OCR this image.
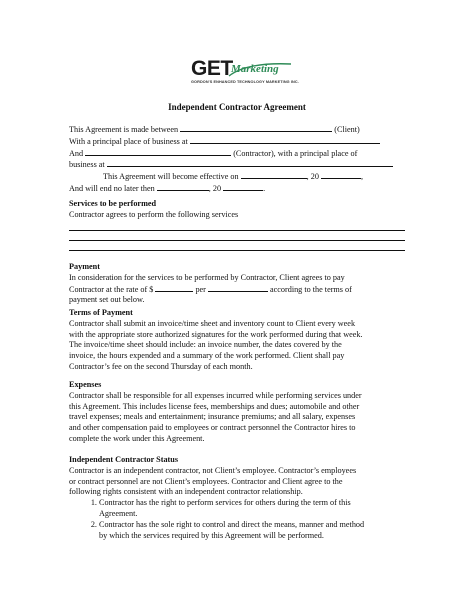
GET
Marketing
GORDON'S ENHANCED TECHNOLOGY MARKETING INC.
Independent Contractor Agreement
This Agreement is made between	(Client)
With a principal place of business at
And	(Contractor), with a principal place of
business at
This Agreement will become effective on	, 20	,
And will end no later then	, 20	.
Services to be performed
Contractor agrees to perform the following services
Payment
In consideration for the services to be performed by Contractor, Client agrees to pay
Contractor at the rate of $	per	according to the terms of
payment set out below.
Terms of Payment
Contractor shall submit an invoice/time sheet and inventory count to Client every week
with the appropriate store authorized signatures for the work performed during that week.
The invoice/time sheet should include: an invoice number, the dates covered by the
invoice, the hours expended and a summary of the work performed. Client shall pay
Contractor’s fee on the second Thursday of each month.
Expenses
Contractor shall be responsible for all expenses incurred while performing services under
this Agreement. This includes license fees, memberships and dues; automobile and other
travel expenses; meals and entertainment; insurance premiums; and all salary, expenses
and other compensation paid to employees or contract personnel the Contractor hires to
complete the work under this Agreement.
Independent Contractor Status
Contractor is an independent contractor, not Client’s employee. Contractor’s employees
or contract personnel are not Client’s employees. Contractor and Client agree to the
following rights consistent with an independent contractor relationship.
1. Contractor has the right to perform services for others during the term of this
Agreement.
2. Contractor has the sole right to control and direct the means, manner and method
by which the services required by this Agreement will be performed.
